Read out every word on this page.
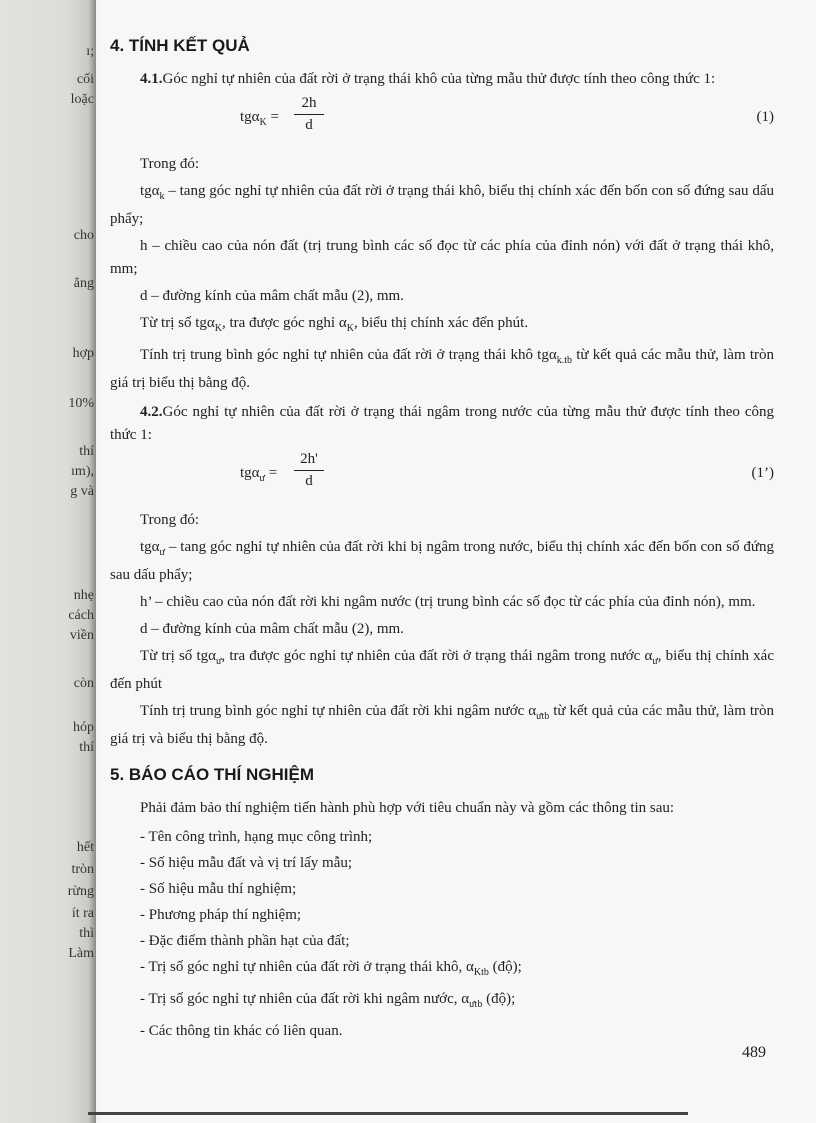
ı;
cối
loặc
cho
ẳng
hợp
10%
thí
ım),
g và
nhẹ
cách
viền
còn
hóp
thí
hết
tròn
rừng
ít ra
thì
Làm
4. TÍNH KẾT QUẢ

4.1.Góc nghỉ tự nhiên của đất rời ở trạng thái khô của từng mẫu thử được tính theo công thức 1:

$tg\alpha_K = \frac{2h}{d}$	(1)

Trong đó:

tgα$_k$ – tang góc nghỉ tự nhiên của đất rời ở trạng thái khô, biểu thị chính xác đến bốn con số đứng sau dấu phẩy;

h – chiều cao của nón đất (trị trung bình các số đọc từ các phía của đỉnh nón) với đất ở trạng thái khô, mm;

d – đường kính của mâm chất mẫu (2), mm.

Từ trị số tgα$_K$, tra được góc nghỉ $\alpha_K$, biểu thị chính xác đến phút.

Tính trị trung bình góc nghỉ tự nhiên của đất rời ở trạng thái khô tgα$_{k.tb}$ từ kết quả các mẫu thử, làm tròn giá trị biểu thị bằng độ.

4.2.Góc nghỉ tự nhiên của đất rời ở trạng thái ngâm trong nước của từng mẫu thử được tính theo công thức 1:

$tg\alpha_ư = \frac{2h'}{d}$	(1’)

Trong đó:

tgα$_ư$ – tang góc nghỉ tự nhiên của đất rời khi bị ngâm trong nước, biểu thị chính xác đến bốn con số đứng sau dấu phẩy;

h’ – chiều cao của nón đất rời khi ngâm nước (trị trung bình các số đọc từ các phía của đỉnh nón), mm.

d – đường kính của mâm chất mẫu (2), mm.

Từ trị số tgα$_ư$, tra được góc nghỉ tự nhiên của đất rời ở trạng thái ngâm trong nước $\alpha_ư$, biểu thị chính xác đến phút

Tính trị trung bình góc nghỉ tự nhiên của đất rời khi ngâm nước $\alpha_{ưtb}$ từ kết quả của các mẫu thử, làm tròn giá trị và biểu thị bằng độ.

5. BÁO CÁO THÍ NGHIỆM

Phải đảm bảo thí nghiệm tiến hành phù hợp với tiêu chuẩn này và gồm các thông tin sau:

- Tên công trình, hạng mục công trình;
- Số hiệu mẫu đất và vị trí lấy mẫu;
- Số hiệu mẫu thí nghiệm;
- Phương pháp thí nghiệm;
- Đặc điểm thành phần hạt của đất;
- Trị số góc nghỉ tự nhiên của đất rời ở trạng thái khô, $\alpha_{Ktb}$ (độ);
- Trị số góc nghỉ tự nhiên của đất rời khi ngâm nước, $\alpha_{ưtb}$ (độ);
- Các thông tin khác có liên quan.
489
